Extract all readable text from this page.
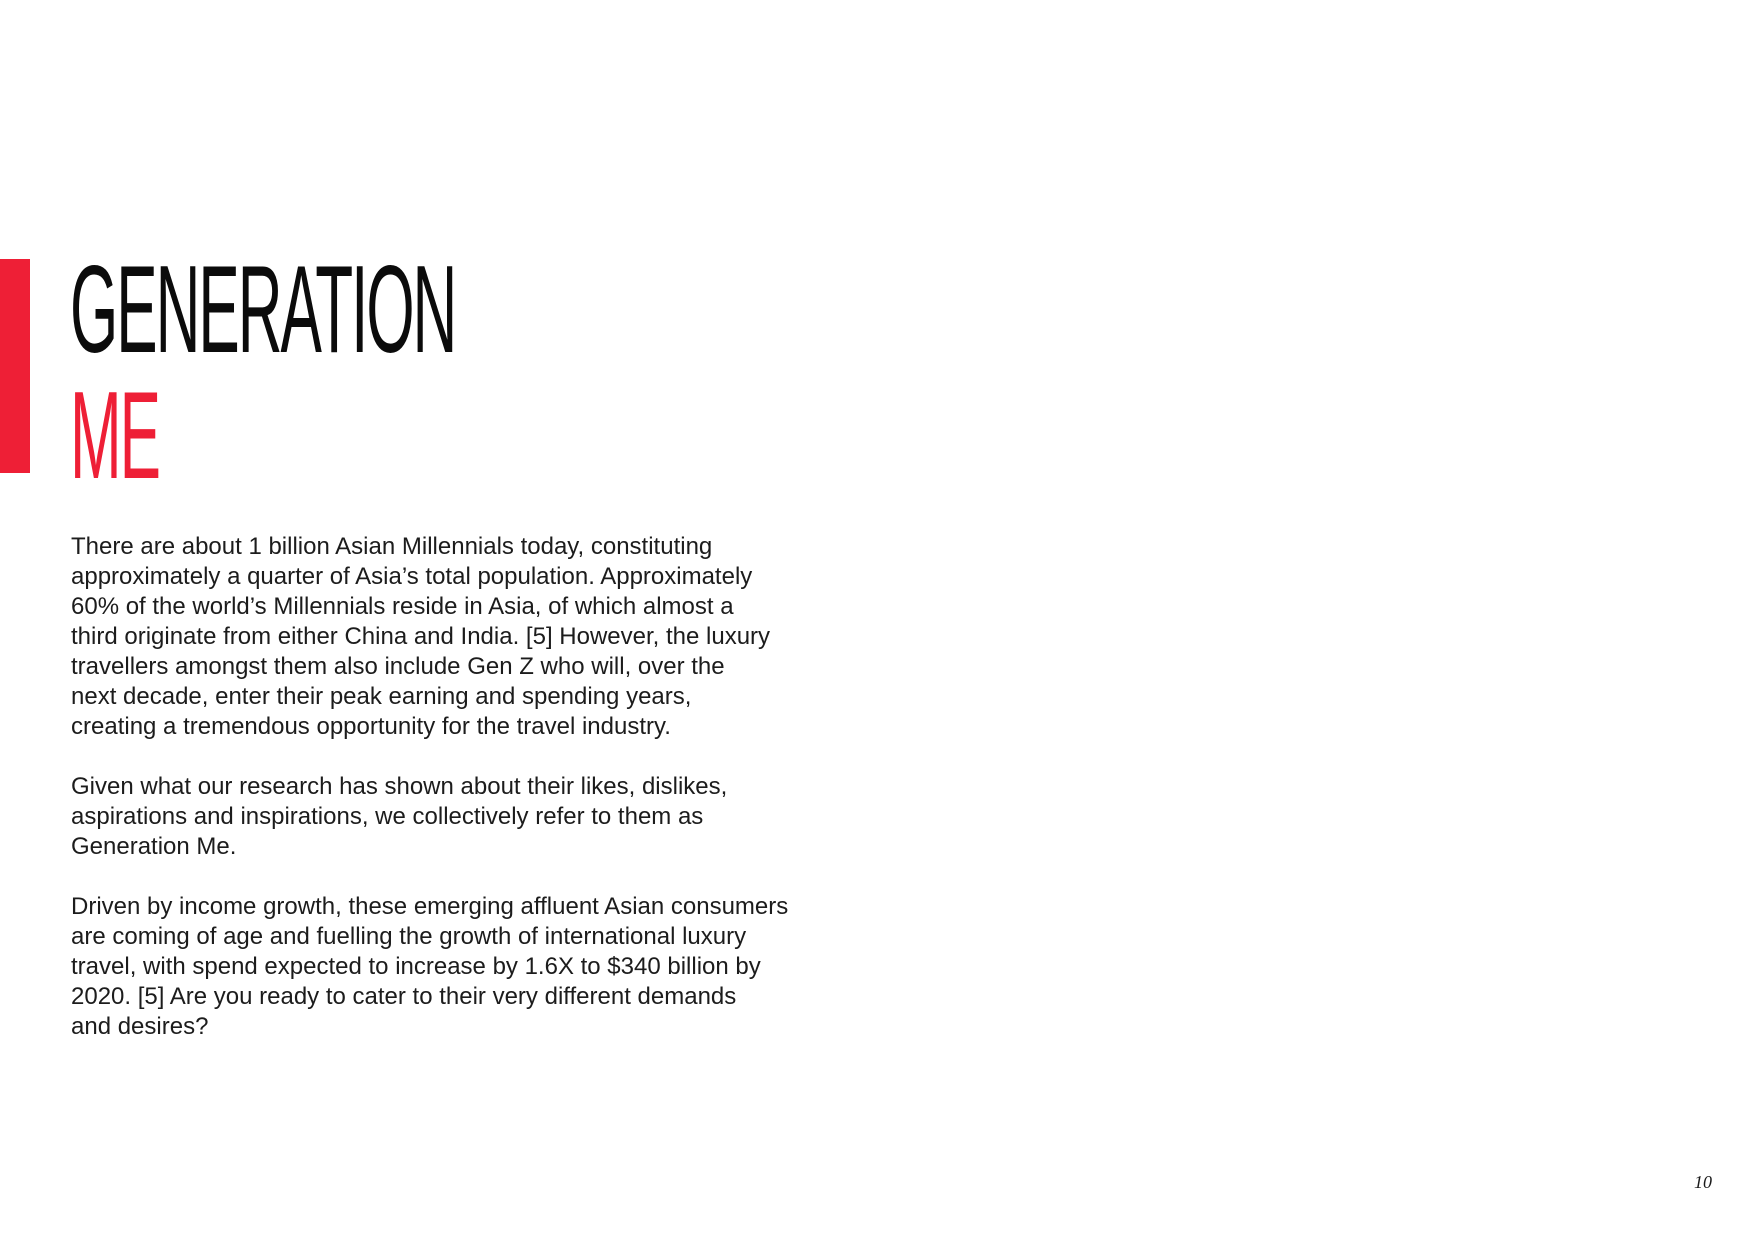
GENERATION
ME

There are about 1 billion Asian Millennials today, constituting
approximately a quarter of Asia’s total population. Approximately
60% of the world’s Millennials reside in Asia, of which almost a
third originate from either China and India. [5] However, the luxury
travellers amongst them also include Gen Z who will, over the
next decade, enter their peak earning and spending years,
creating a tremendous opportunity for the travel industry.

Given what our research has shown about their likes, dislikes,
aspirations and inspirations, we collectively refer to them as
Generation Me.

Driven by income growth, these emerging affluent Asian consumers
are coming of age and fuelling the growth of international luxury
travel, with spend expected to increase by 1.6X to $340 billion by
2020. [5] Are you ready to cater to their very different demands
and desires?

10
